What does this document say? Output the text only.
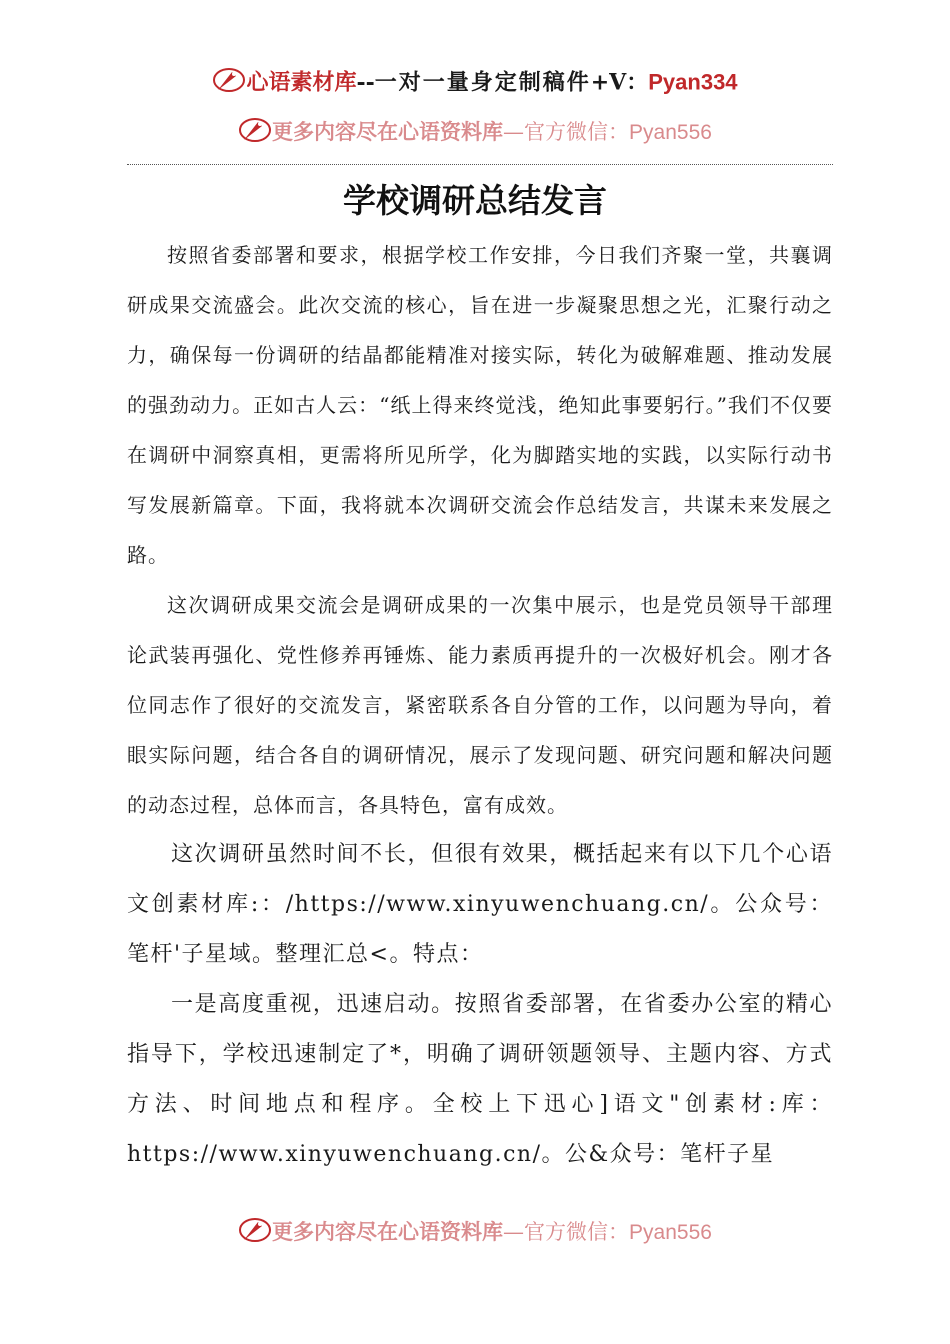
心语素材库--一对一量身定制稿件+V：Pyan334
更多内容尽在心语资料库—官方微信：Pyan556
学校调研总结发言

按照省委部署和要求，根据学校工作安排，今日我们齐聚一堂，共襄调研成果交流盛会。此次交流的核心，旨在进一步凝聚思想之光，汇聚行动之力，确保每一份调研的结晶都能精准对接实际，转化为破解难题、推动发展的强劲动力。正如古人云：“纸上得来终觉浅，绝知此事要躬行。”我们不仅要在调研中洞察真相，更需将所见所学，化为脚踏实地的实践，以实际行动书写发展新篇章。下面，我将就本次调研交流会作总结发言，共谋未来发展之路。

这次调研成果交流会是调研成果的一次集中展示，也是党员领导干部理论武装再强化、党性修养再锤炼、能力素质再提升的一次极好机会。刚才各位同志作了很好的交流发言，紧密联系各自分管的工作，以问题为导向，着眼实际问题，结合各自的调研情况，展示了发现问题、研究问题和解决问题的动态过程，总体而言，各具特色，富有成效。

这次调研虽然时间不长，但很有效果，概括起来有以下几个心语文创素材库:：/https://www.xinyuwenchuang.cn/。公众号：笔杆'子星域。整理汇总<。特点：

一是高度重视，迅速启动。按照省委部署，在省委办公室的精心指导下，学校迅速制定了*，明确了调研领题领导、主题内容、方式方法、时间地点和程序。全校上下迅心]语文"创素材:库：https://www.xinyuwenchuang.cn/。公&众号：笔杆子星

更多内容尽在心语资料库—官方微信：Pyan556
